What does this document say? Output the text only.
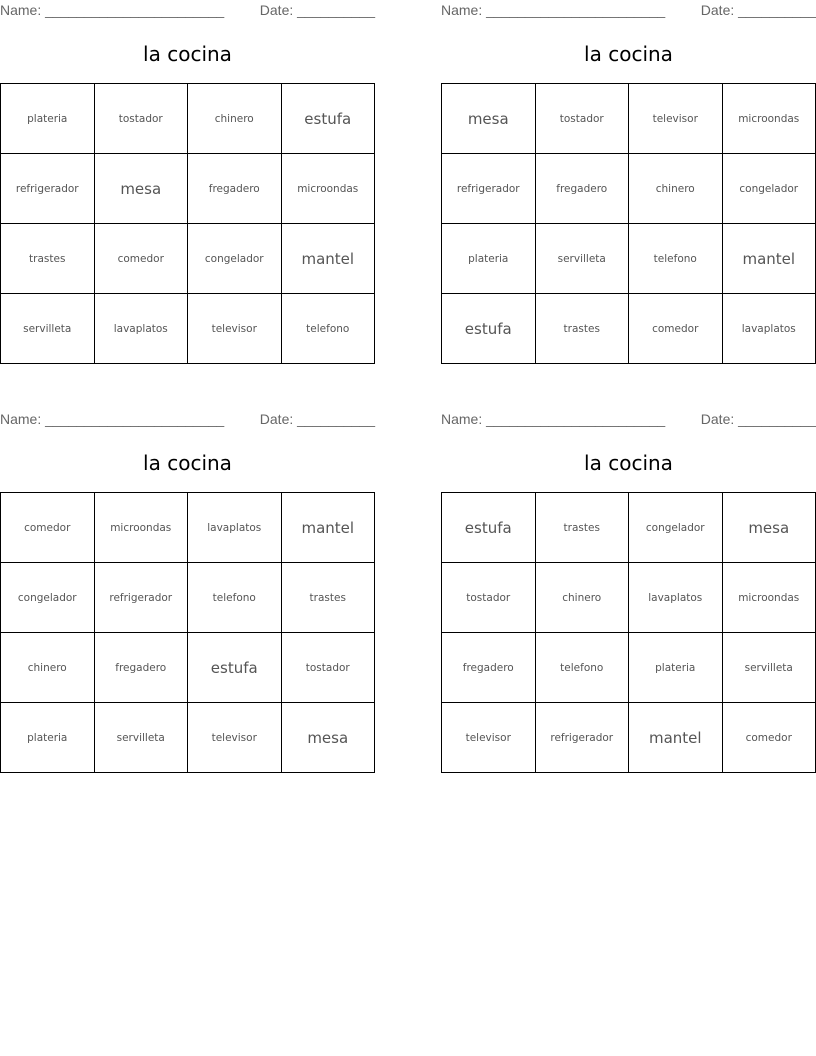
Name: _______________________	Date: __________
la cocina
plateria	tostador	chinero	estufa
refrigerador	mesa	fregadero	microondas
trastes	comedor	congelador	mantel
servilleta	lavaplatos	televisor	telefono
Name: _______________________	Date: __________
la cocina
mesa	tostador	televisor	microondas
refrigerador	fregadero	chinero	congelador
plateria	servilleta	telefono	mantel
estufa	trastes	comedor	lavaplatos
Name: _______________________	Date: __________
la cocina
comedor	microondas	lavaplatos	mantel
congelador	refrigerador	telefono	trastes
chinero	fregadero	estufa	tostador
plateria	servilleta	televisor	mesa
Name: _______________________	Date: __________
la cocina
estufa	trastes	congelador	mesa
tostador	chinero	lavaplatos	microondas
fregadero	telefono	plateria	servilleta
televisor	refrigerador	mantel	comedor
